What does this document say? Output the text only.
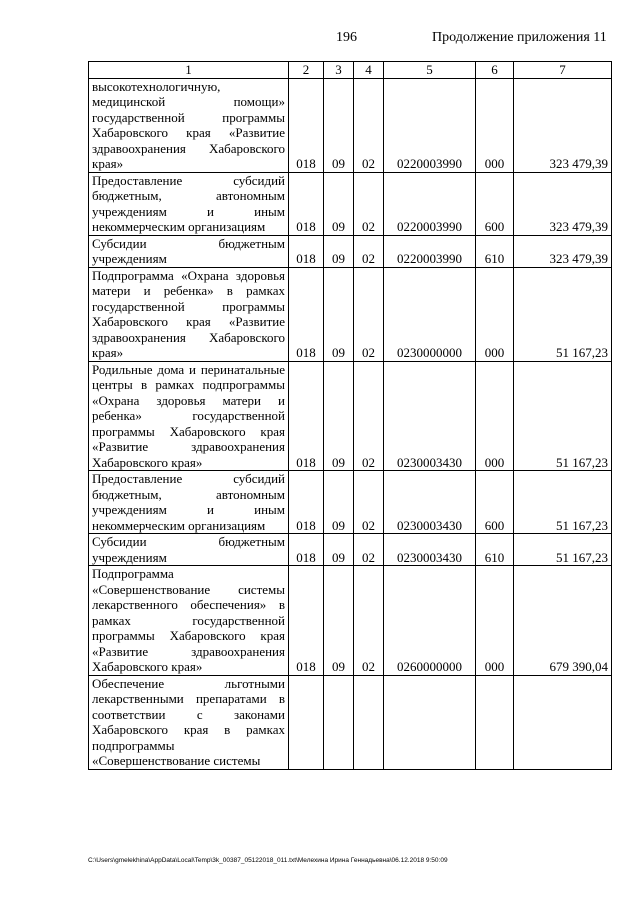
196	Продолжение приложения 11
1	2	3	4	5	6	7
высокотехнологичную, медицинской помощи» государственной программы Хабаровского края «Развитие здравоохранения Хабаровского края»	018	09	02	0220003990	000	323 479,39
Предоставление субсидий бюджетным, автономным учреждениям и иным некоммерческим организациям	018	09	02	0220003990	600	323 479,39
Субсидии бюджетным учреждениям	018	09	02	0220003990	610	323 479,39
Подпрограмма «Охрана здоровья матери и ребенка» в рамках государственной программы Хабаровского края «Развитие здравоохранения Хабаровского края»	018	09	02	0230000000	000	51 167,23
Родильные дома и перинатальные центры в рамках подпрограммы «Охрана здоровья матери и ребенка» государственной программы Хабаровского края «Развитие здравоохранения Хабаровского края»	018	09	02	0230003430	000	51 167,23
Предоставление субсидий бюджетным, автономным учреждениям и иным некоммерческим организациям	018	09	02	0230003430	600	51 167,23
Субсидии бюджетным учреждениям	018	09	02	0230003430	610	51 167,23
Подпрограмма «Совершенствование системы лекарственного обеспечения» в рамках государственной программы Хабаровского края «Развитие здравоохранения Хабаровского края»	018	09	02	0260000000	000	679 390,04
Обеспечение льготными лекарственными препаратами в соответствии с законами Хабаровского края в рамках подпрограммы «Совершенствование системы						
C:\Users\gmelekhina\AppData\Local\Temp\3k_00387_05122018_011.txt\Мелехина Ирина Геннадьевна\06.12.2018 9:50:09
